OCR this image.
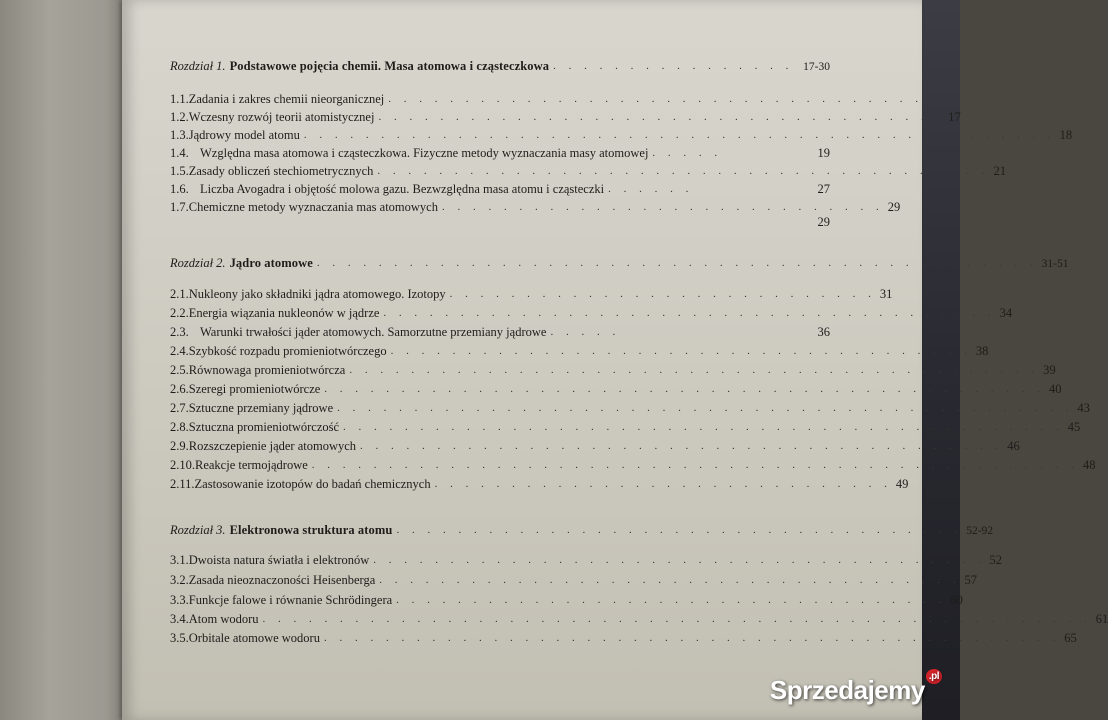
Rozdział 1. Podstawowe pojęcia chemii. Masa atomowa i cząsteczkowa . . . . . . . . . . . . . . . . 17-30
1.1. Zadania i zakres chemii nieorganicznej . . . . . . . . . . . . . . . . . . . . . . . . . . . . . . . . . . . .
1.2. Wczesny rozwój teorii atomistycznej . . . . . . . . . . . . . . . . . . . . . . . . . . . . . . . . . . . . . 17
1.3. Jądrowy model atomu . . . . . . . . . . . . . . . . . . . . . . . . . . . . . . . . . . . . . . . . . . . . . . . . . 18
1.4. Względna masa atomowa i cząsteczkowa. Fizyczne metody wyznaczania masy atomowej . . . . .	19
1.5. Zasady obliczeń stechiometrycznych . . . . . . . . . . . . . . . . . . . . . . . . . . . . . . . . . . . . . . . . 21
1.6. Liczba Avogadra i objętość molowa gazu. Bezwzględna masa atomu i cząsteczki . . . . . .	27
1.7. Chemiczne metody wyznaczania mas atomowych . . . . . . . . . . . . . . . . . . . . . . . . . . . . . 29
29
Rozdział 2. Jądro atomowe . . . . . . . . . . . . . . . . . . . . . . . . . . . . . . . . . . . . . . . . . . . . . . . 31-51
2.1. Nukleony jako składniki jądra atomowego. Izotopy . . . . . . . . . . . . . . . . . . . . . . . . . . . . 31
2.2. Energia wiązania nukleonów w jądrze . . . . . . . . . . . . . . . . . . . . . . . . . . . . . . . . . . . . . . . . 34
2.3. Warunki trwałości jąder atomowych. Samorzutne przemiany jądrowe . . . . .	36
2.4. Szybkość rozpadu promieniotwórczego . . . . . . . . . . . . . . . . . . . . . . . . . . . . . . . . . . . . . . 38
2.5. Równowaga promieniotwórcza . . . . . . . . . . . . . . . . . . . . . . . . . . . . . . . . . . . . . . . . . . . . . 39
2.6. Szeregi promieniotwórcze . . . . . . . . . . . . . . . . . . . . . . . . . . . . . . . . . . . . . . . . . . . . . . . 40
2.7. Sztuczne przemiany jądrowe . . . . . . . . . . . . . . . . . . . . . . . . . . . . . . . . . . . . . . . . . . . . . . . . 43
2.8. Sztuczna promieniotwórczość . . . . . . . . . . . . . . . . . . . . . . . . . . . . . . . . . . . . . . . . . . . . . . . 45
2.9. Rozszczepienie jąder atomowych . . . . . . . . . . . . . . . . . . . . . . . . . . . . . . . . . . . . . . . . . . 46
2.10. Reakcje termojądrowe . . . . . . . . . . . . . . . . . . . . . . . . . . . . . . . . . . . . . . . . . . . . . . . . . . 48
2.11. Zastosowanie izotopów do badań chemicznych . . . . . . . . . . . . . . . . . . . . . . . . . . . . . . 49
Rozdział 3. Elektronowa struktura atomu . . . . . . . . . . . . . . . . . . . . . . . . . . . . . . . . . . . . . 52-92
3.1. Dwoista natura światła i elektronów . . . . . . . . . . . . . . . . . . . . . . . . . . . . . . . . . . . . . . . . 52
3.2. Zasada nieoznaczoności Heisenberga . . . . . . . . . . . . . . . . . . . . . . . . . . . . . . . . . . . . . . 57
3.3. Funkcje falowe i równanie Schrödingera . . . . . . . . . . . . . . . . . . . . . . . . . . . . . . . . . . . . 60
3.4. Atom wodoru . . . . . . . . . . . . . . . . . . . . . . . . . . . . . . . . . . . . . . . . . . . . . . . . . . . . . . 61
3.5. Orbitale atomowe wodoru . . . . . . . . . . . . . . . . . . . . . . . . . . . . . . . . . . . . . . . . . . . . . . . . 65
Sprzedajemy $^{.pl}$
